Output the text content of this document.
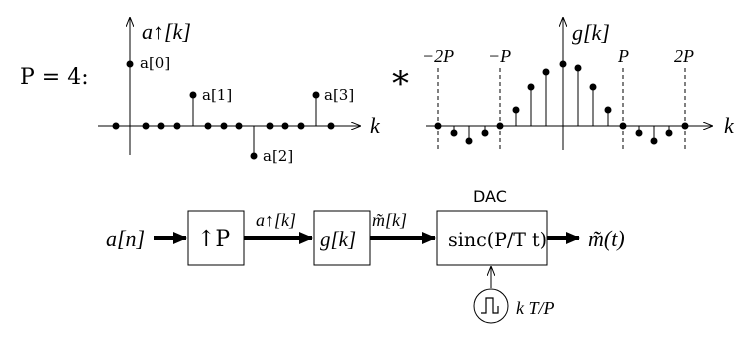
P = 4:
a↑[k]
k
a[0]
a[1]
a[2]
a[3] *
g[k]
k
−2P −P	P	2P
a[n] ↑P
a↑[k]
g[k]
m̃[k]
DAC
sinc(P/T t) m̃(t)
k T/P
